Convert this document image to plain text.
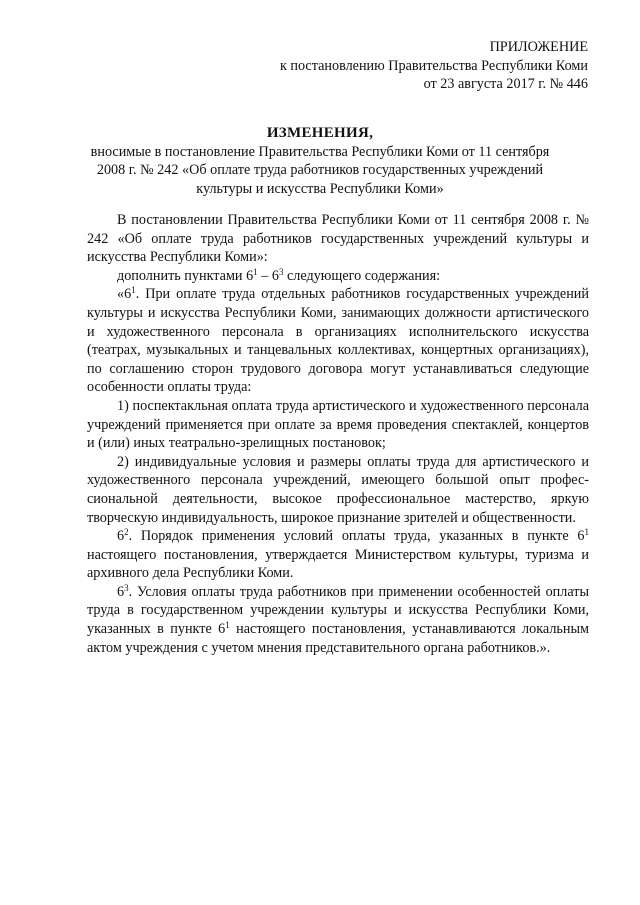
ПРИЛОЖЕНИЕ
к постановлению Правительства Республики Коми
от 23 августа 2017 г. № 446
ИЗМЕНЕНИЯ,
вносимые в постановление Правительства Республики Коми от 11 сентября
2008 г. № 242 «Об оплате труда работников государственных учреждений
культуры и искусства Республики Коми»

В постановлении Правительства Республики Коми от 11 сентября 2008 г. № 242 «Об оплате труда работников государственных учреждений культуры и искусства Республики Коми»:

дополнить пунктами $6^1 - 6^3$ следующего содержания:

«$6^1$. При оплате труда отдельных работников государственных учреждений культуры и искусства Республики Коми, занимающих должности артистического и художественного персонала в организациях исполнительского искусства (театрах, музыкальных и танцевальных коллективах, концертных организациях), по соглашению сторон трудового договора могут устанавливаться следующие особенности оплаты труда:

1) поспектакльная оплата труда артистического и художественного персонала учреждений применяется при оплате за время проведения спектаклей, концертов и (или) иных театрально-зрелищных постановок;

2) индивидуальные условия и размеры оплаты труда для артистического и художественного персонала учреждений, имеющего большой опыт профессиональной деятельности, высокое профессиональное мастерство, яркую творческую индивидуальность, широкое признание зрителей и общественности.

$6^2$. Порядок применения условий оплаты труда, указанных в пункте $6^1$ настоящего постановления, утверждается Министерством культуры, туризма и архивного дела Республики Коми.

$6^3$. Условия оплаты труда работников при применении особенностей оплаты труда в государственном учреждении культуры и искусства Республики Коми, указанных в пункте $6^1$ настоящего постановления, устанавливаются локальным актом учреждения с учетом мнения представительного органа работников.».
